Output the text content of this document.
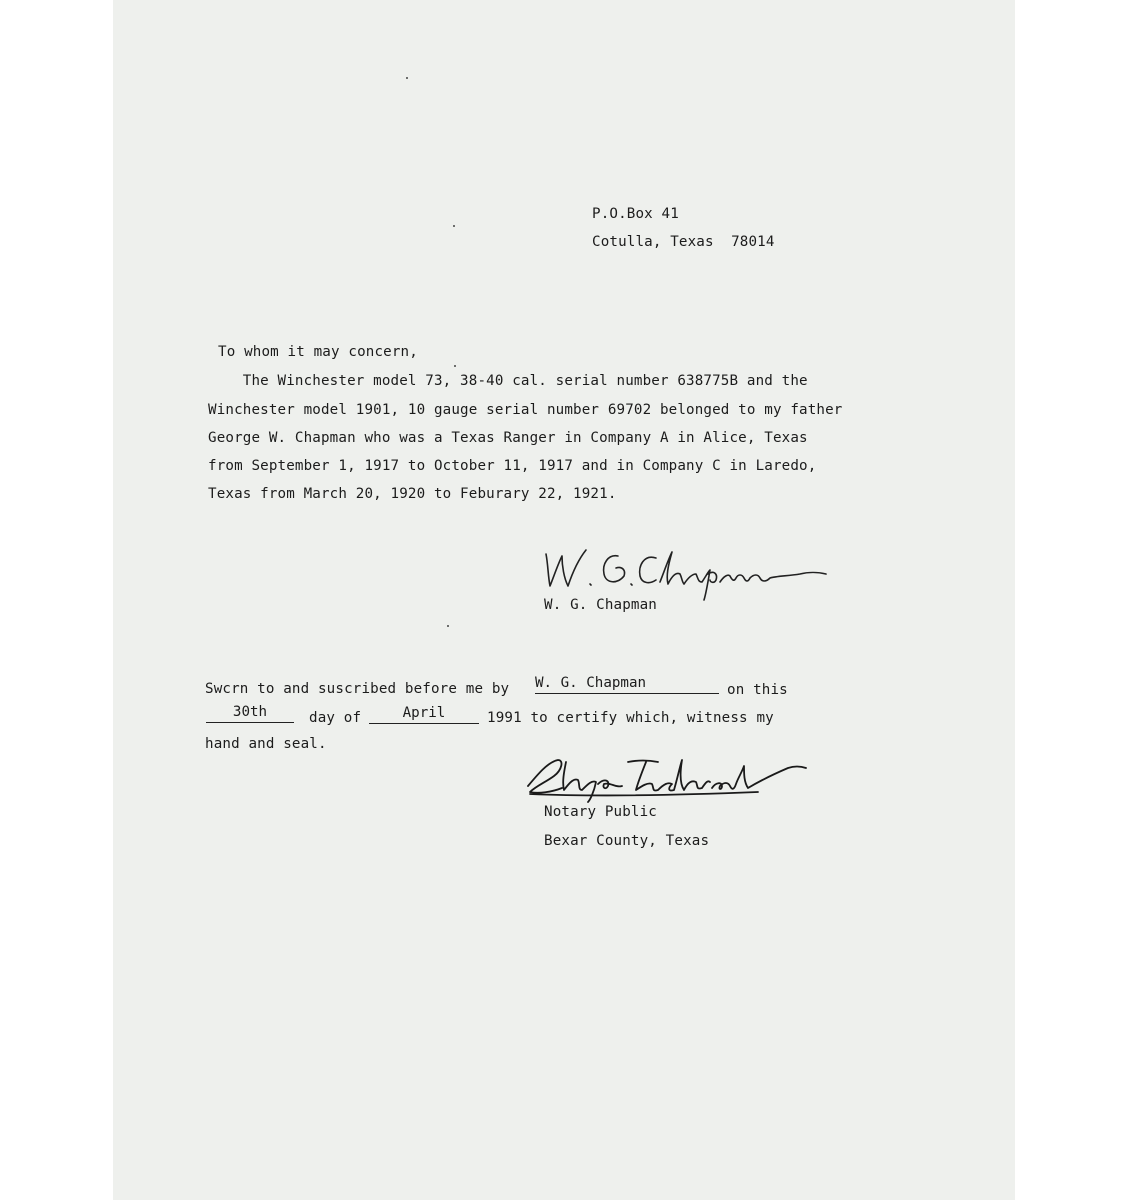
P.O.Box 41
Cotulla, Texas  78014
To whom it may concern,
The Winchester model 73, 38-40 cal. serial number 638775B and the
Winchester model 1901, 10 gauge serial number 69702 belonged to my father
George W. Chapman who was a Texas Ranger in Company A in Alice, Texas
from September 1, 1917 to October 11, 1917 and in Company C in Laredo,
Texas from March 20, 1920 to Feburary 22, 1921.
W. G. Chapman
Swcrn to and suscribed before me by W. G. Chapman	on this
30th	day of	April	1991 to certify which, witness my
hand and seal.
Notary Public
Bexar County, Texas
